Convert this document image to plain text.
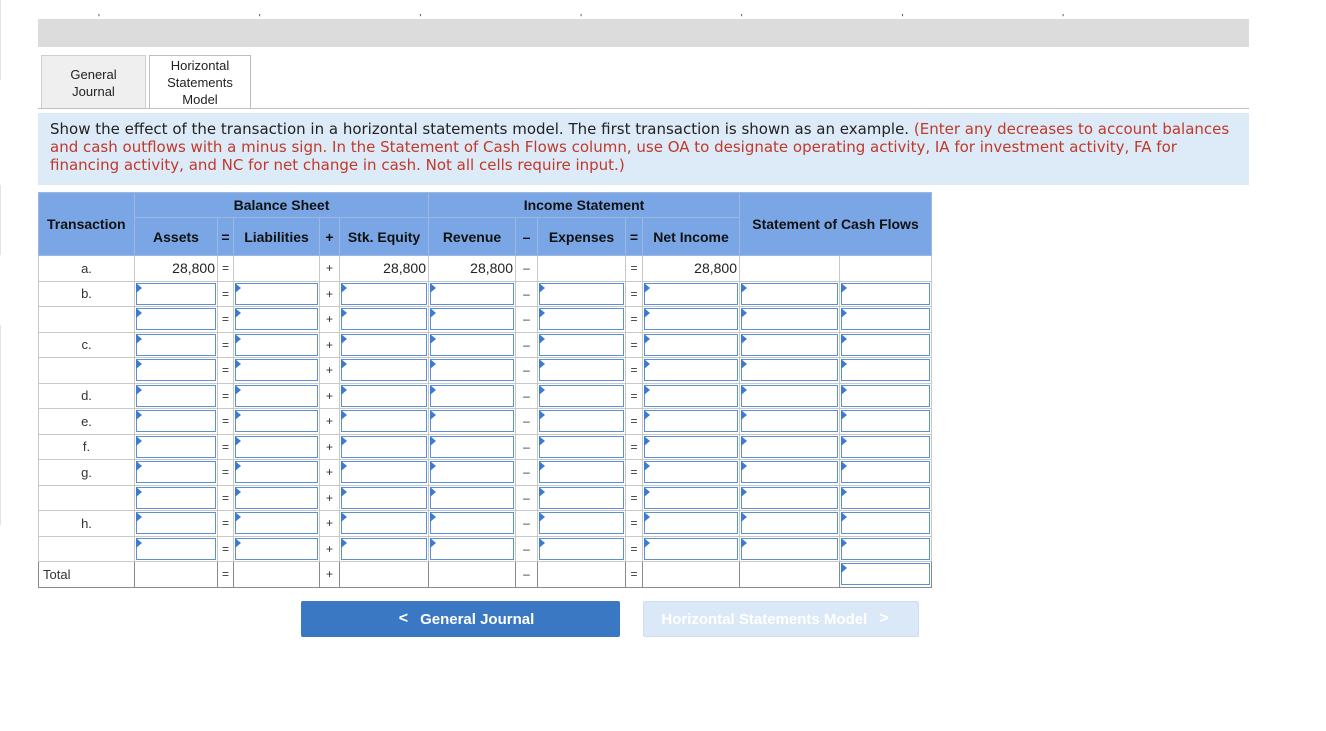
' ' ' ' ' ' '
General
Journal
Horizontal
Statements
Model
Show the effect of the transaction in a horizontal statements model. The first transaction is shown as an example. (Enter any decreases to account balances and cash outflows with a minus sign. In the Statement of Cash Flows column, use OA to designate operating activity, IA for investment activity, FA for financing activity, and NC for net change in cash. Not all cells require input.)
Transaction	Balance Sheet					Income Statement					Statement of Cash Flows	
	Assets	=	Liabilities	+	Stk. Equity	Revenue	–	Expenses	=	Net Income		
a.	28,800	=		+	28,800	28,800	–		=	28,800		
b.		=		+			–		=	

	=		+			–		=	

c.		=		+			–		=	

	=		+			–		=	

d.		=		+			–		=	

e.		=		+			–		=	

f.		=		+			–		=	

g.		=		+			–		=	

	=		+			–		=	

h.		=		+			–		=	

	=		+			–		=	

Total		=		+			–		=			
< General Journal	Horizontal Statements Model >
